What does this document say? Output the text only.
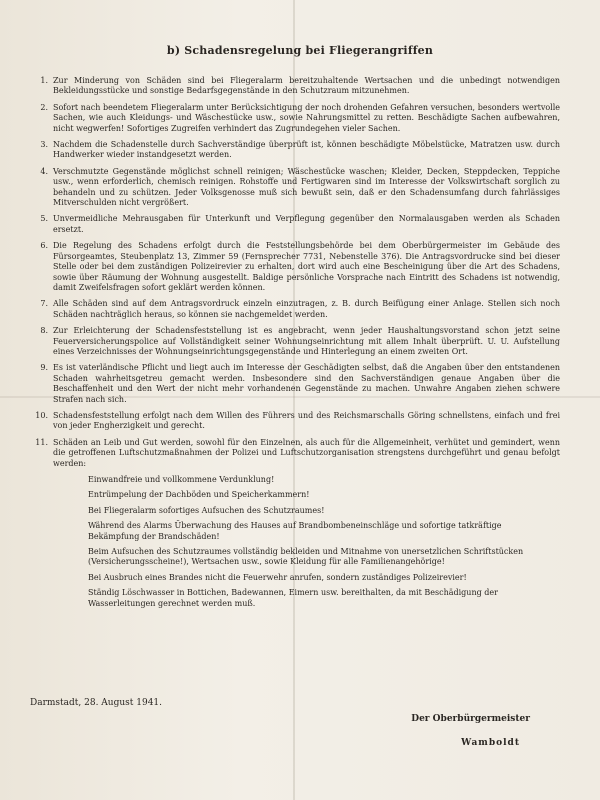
b) Schadensregelung bei Fliegerangriffen
1. Zur Minderung von Schäden sind bei Fliegeralarm bereitzuhaltende Wertsachen und die unbedingt notwendigen Bekleidungsstücke und sonstige Bedarfsgegenstände in den Schutzraum mitzunehmen.
2. Sofort nach beendetem Fliegeralarm unter Berücksichtigung der noch drohenden Gefahren versuchen, besonders wertvolle Sachen, wie auch Kleidungs- und Wäschestücke usw., sowie Nahrungsmittel zu retten. Beschädigte Sachen aufbewahren, nicht wegwerfen! Sofortiges Zugreifen verhindert das Zugrundegehen vieler Sachen.
3. Nachdem die Schadenstelle durch Sachverständige überprüft ist, können beschädigte Möbelstücke, Matratzen usw. durch Handwerker wieder instandgesetzt werden.
4. Verschmutzte Gegenstände möglichst schnell reinigen; Wäschestücke waschen; Kleider, Decken, Steppdecken, Teppiche usw., wenn erforderlich, chemisch reinigen. Rohstoffe und Fertigwaren sind im Interesse der Volkswirtschaft sorglich zu behandeln und zu schützen. Jeder Volksgenosse muß sich bewußt sein, daß er den Schadensumfang durch fahrlässiges Mitverschulden nicht vergrößert.
5. Unvermeidliche Mehrausgaben für Unterkunft und Verpflegung gegenüber den Normalausgaben werden als Schaden ersetzt.
6. Die Regelung des Schadens erfolgt durch die Feststellungsbehörde bei dem Oberbürgermeister im Gebäude des Fürsorgeamtes, Steubenplatz 13, Zimmer 59 (Fernsprecher 7731, Nebenstelle 376). Die Antragsvordrucke sind bei dieser Stelle oder bei dem zuständigen Polizeirevier zu erhalten, dort wird auch eine Bescheinigung über die Art des Schadens, sowie über Räumung der Wohnung ausgestellt. Baldige persönliche Vorsprache nach Eintritt des Schadens ist notwendig, damit Zweifelsfragen sofort geklärt werden können.
7. Alle Schäden sind auf dem Antragsvordruck einzeln einzutragen, z. B. durch Beifügung einer Anlage. Stellen sich noch Schäden nachträglich heraus, so können sie nachgemeldet werden.
8. Zur Erleichterung der Schadensfeststellung ist es angebracht, wenn jeder Haushaltungsvorstand schon jetzt seine Feuerversicherungspolice auf Vollständigkeit seiner Wohnungseinrichtung mit allem Inhalt überprüft. U. U. Aufstellung eines Verzeichnisses der Wohnungseinrichtungsgegenstände und Hinterlegung an einem zweiten Ort.
9. Es ist vaterländische Pflicht und liegt auch im Interesse der Geschädigten selbst, daß die Angaben über den entstandenen Schaden wahrheitsgetreu gemacht werden. Insbesondere sind den Sachverständigen genaue Angaben über die Beschaffenheit und den Wert der nicht mehr vorhandenen Gegenstände zu machen. Unwahre Angaben ziehen schwere Strafen nach sich.
10. Schadensfeststellung erfolgt nach dem Willen des Führers und des Reichsmarschalls Göring schnellstens, einfach und frei von jeder Engherzigkeit und gerecht.
11. Schäden an Leib und Gut werden, sowohl für den Einzelnen, als auch für die Allgemeinheit, verhütet und gemindert, wenn die getroffenen Luftschutzmaßnahmen der Polizei und Luftschutzorganisation strengstens durchgeführt und genau befolgt werden:
Einwandfreie und vollkommene Verdunklung!
Entrümpelung der Dachböden und Speicherkammern!
Bei Fliegeralarm sofortiges Aufsuchen des Schutzraumes!
Während des Alarms Überwachung des Hauses auf Brandbombeneinschläge und sofortige tatkräftige Bekämpfung der Brandschäden!
Beim Aufsuchen des Schutzraumes vollständig bekleiden und Mitnahme von unersetzlichen Schriftstücken (Versicherungsscheine!), Wertsachen usw., sowie Kleidung für alle Familienangehörige!
Bei Ausbruch eines Brandes nicht die Feuerwehr anrufen, sondern zuständiges Polizeirevier!
Ständig Löschwasser in Bottichen, Badewannen, Eimern usw. bereithalten, da mit Beschädigung der Wasserleitungen gerechnet werden muß.
Darmstadt, 28. August 1941.
Der Oberbürgermeister
Wamboldt
